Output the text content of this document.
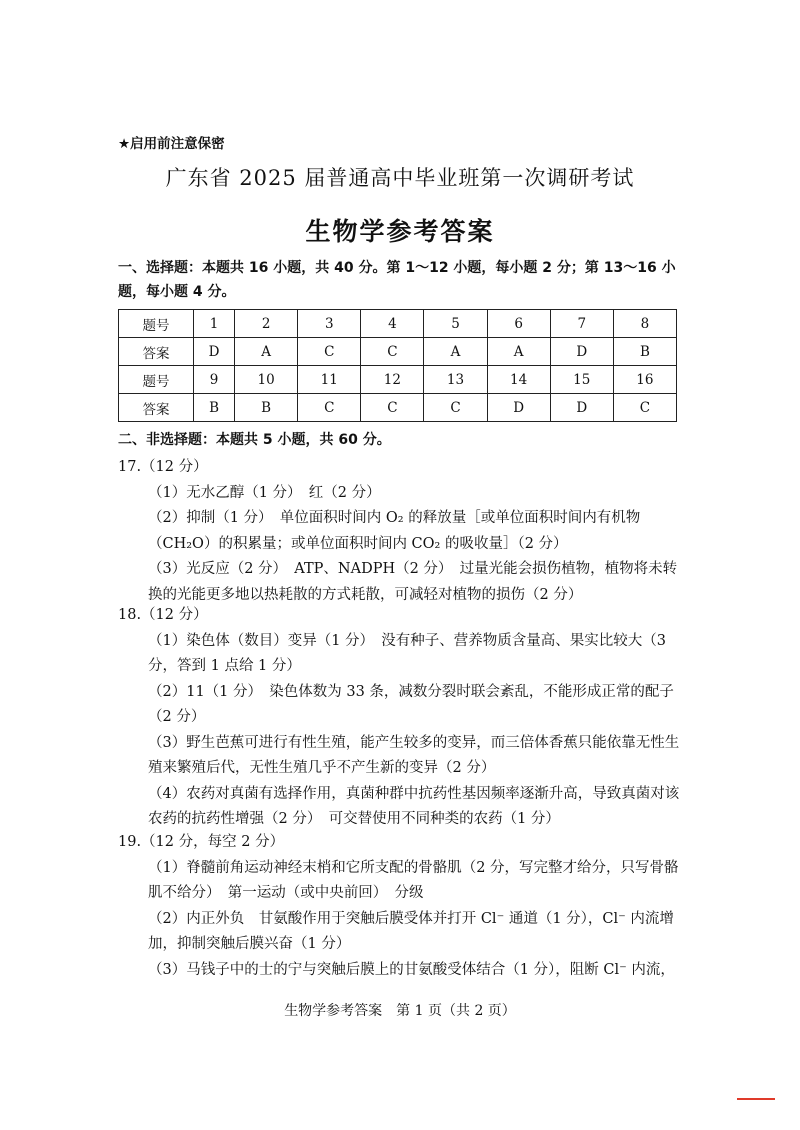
★启用前注意保密
广东省 2025 届普通高中毕业班第一次调研考试
生物学参考答案
一、选择题：本题共 16 小题，共 40 分。第 1～12 小题，每小题 2 分；第 13～16 小题，每小题 4 分。
题号	1	2	3	4	5	6	7	8
答案	D	A	C	C	A	A	D	B
题号	9	10	11	12	13	14	15	16
答案	B	B	C	C	C	D	D	C
二、非选择题：本题共 5 小题，共 60 分。

17.（12 分）

（1）无水乙醇（1 分）　红（2 分）

（2）抑制（1 分）　单位面积时间内 O₂ 的释放量［或单位面积时间内有机物（CH₂O）的积累量；或单位面积时间内 CO₂ 的吸收量］（2 分）

（3）光反应（2 分）　ATP、NADPH（2 分）　过量光能会损伤植物，植物将未转换的光能更多地以热耗散的方式耗散，可减轻对植物的损伤（2 分）

18.（12 分）

（1）染色体（数目）变异（1 分）　没有种子、营养物质含量高、果实比较大（3 分，答到 1 点给 1 分）

（2）11（1 分）　染色体数为 33 条，减数分裂时联会紊乱，不能形成正常的配子（2 分）

（3）野生芭蕉可进行有性生殖，能产生较多的变异，而三倍体香蕉只能依靠无性生殖来繁殖后代，无性生殖几乎不产生新的变异（2 分）

（4）农药对真菌有选择作用，真菌种群中抗药性基因频率逐渐升高，导致真菌对该农药的抗药性增强（2 分）　可交替使用不同种类的农药（1 分）

19.（12 分，每空 2 分）

（1）脊髓前角运动神经末梢和它所支配的骨骼肌（2 分，写完整才给分，只写骨骼肌不给分）　第一运动（或中央前回）　分级

（2）内正外负　甘氨酸作用于突触后膜受体并打开 Cl⁻ 通道（1 分），Cl⁻ 内流增加，抑制突触后膜兴奋（1 分）

（3）马钱子中的士的宁与突触后膜上的甘氨酸受体结合（1 分），阻断 Cl⁻ 内流，

生物学参考答案　第 1 页（共 2 页）
